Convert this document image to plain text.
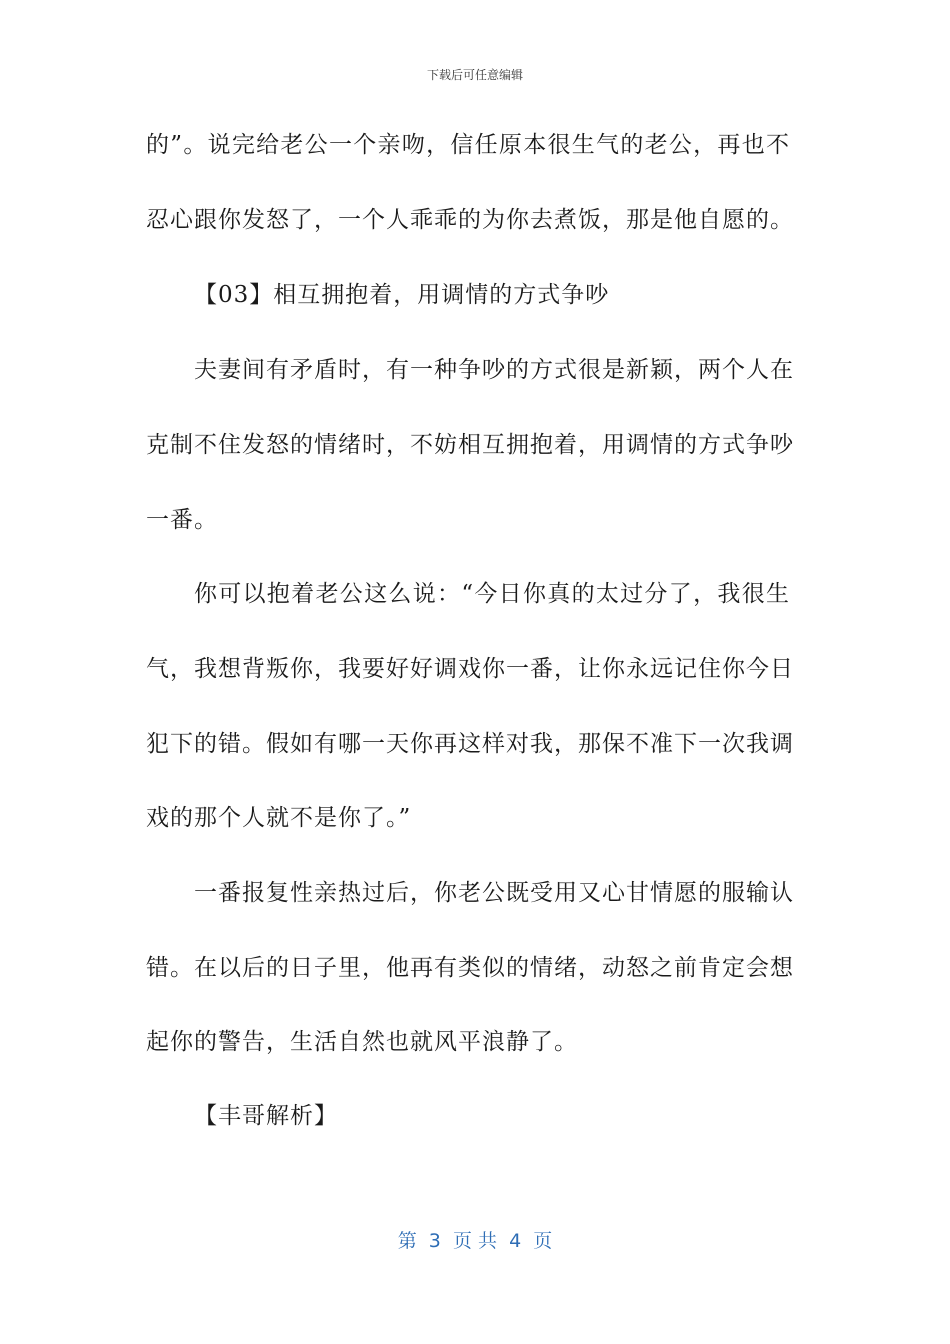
下载后可任意编辑
的”。说完给老公一个亲吻，信任原本很生气的老公，再也不
忍心跟你发怒了，一个人乖乖的为你去煮饭，那是他自愿的。
【03】相互拥抱着，用调情的方式争吵
夫妻间有矛盾时，有一种争吵的方式很是新颖，两个人在
克制不住发怒的情绪时，不妨相互拥抱着，用调情的方式争吵
一番。
你可以抱着老公这么说：“今日你真的太过分了，我很生
气，我想背叛你，我要好好调戏你一番，让你永远记住你今日
犯下的错。假如有哪一天你再这样对我，那保不准下一次我调
戏的那个人就不是你了。”
一番报复性亲热过后，你老公既受用又心甘情愿的服输认
错。在以后的日子里，他再有类似的情绪，动怒之前肯定会想
起你的警告，生活自然也就风平浪静了。
【丰哥解析】
第  3  页 共  4  页
